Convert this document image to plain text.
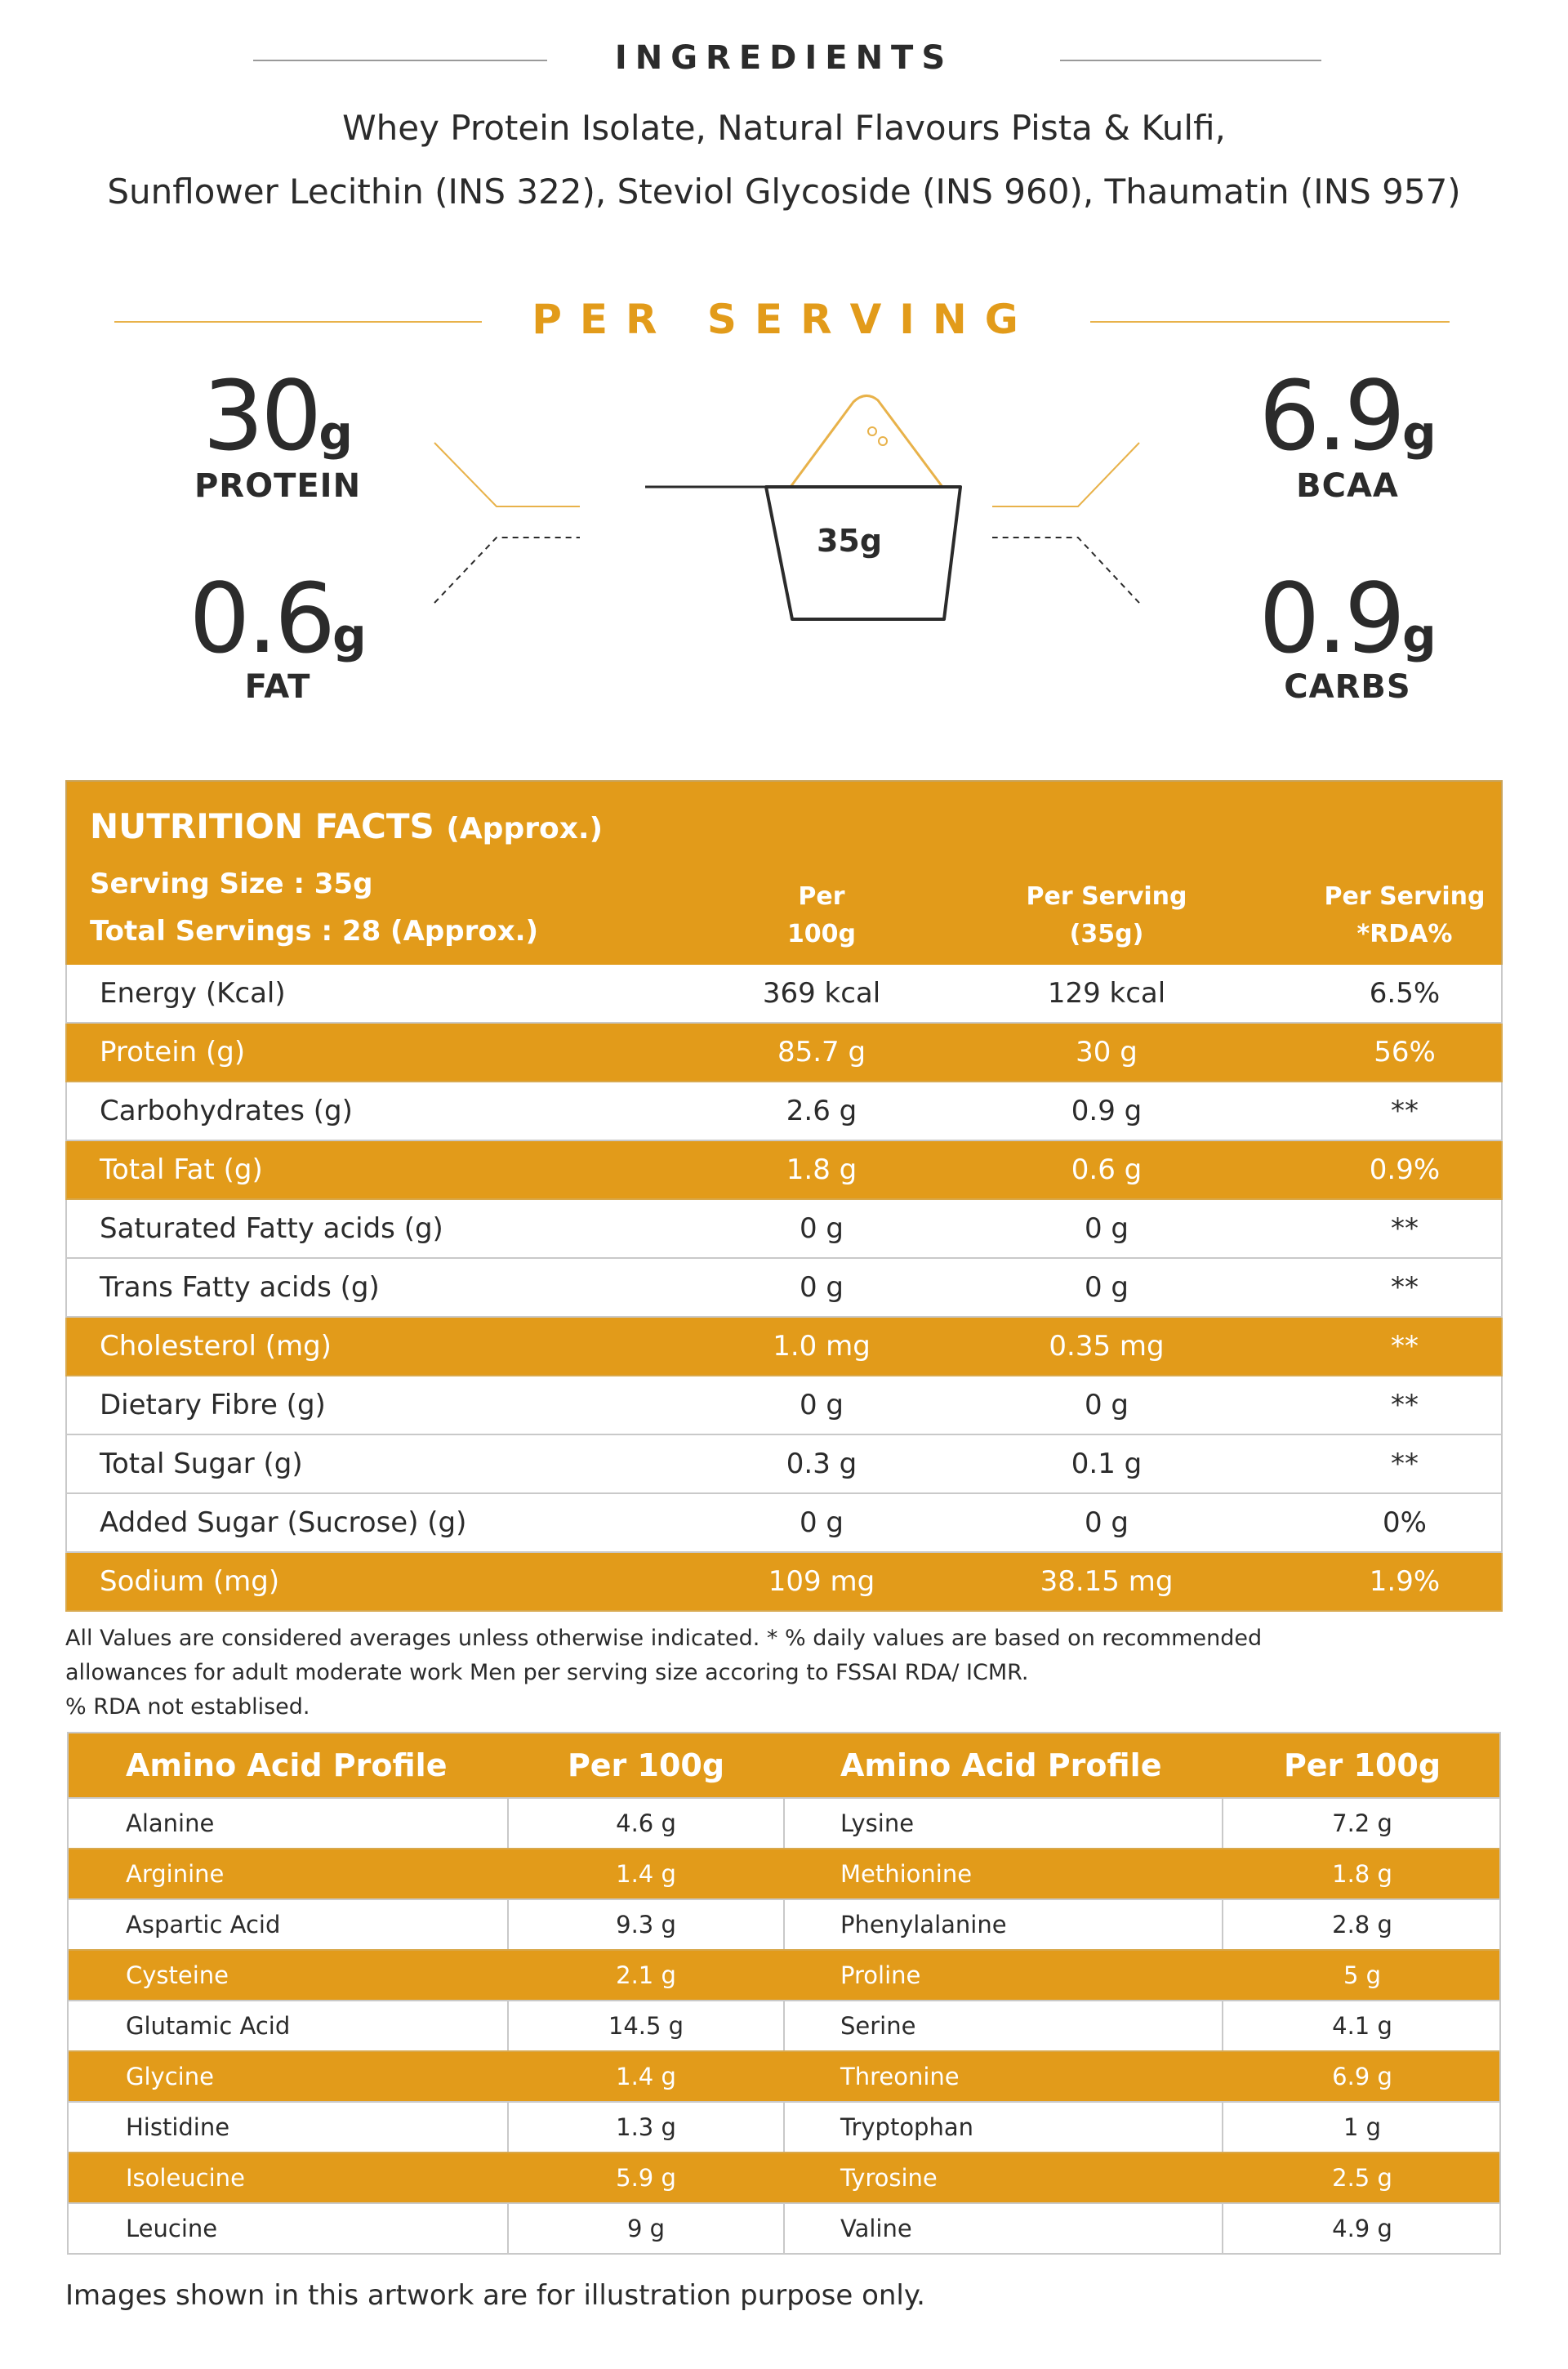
INGREDIENTS
Whey Protein Isolate, Natural Flavours Pista & Kulfi,
Sunflower Lecithin (INS 322), Steviol Glycoside (INS 960), Thaumatin (INS 957)
PER SERVING
30g
PROTEIN
0.6g
FAT
6.9g
BCAA
0.9g
CARBS
35g
NUTRITION FACTS (Approx.)
Serving Size : 35g
Total Servings : 28 (Approx.)
Per
100g
Per Serving
(35g)
Per Serving
*RDA%
Energy (Kcal)	369 kcal	129 kcal	6.5%
Protein (g)	85.7 g	30 g	56%
Carbohydrates (g)	2.6 g	0.9 g	**
Total Fat (g)	1.8 g	0.6 g	0.9%
Saturated Fatty acids (g)	0 g	0 g	**
Trans Fatty acids (g)	0 g	0 g	**
Cholesterol (mg)	1.0 mg	0.35 mg	**
Dietary Fibre (g)	0 g	0 g	**
Total Sugar (g)	0.3 g	0.1 g	**
Added Sugar (Sucrose) (g)	0 g	0 g	0%
Sodium (mg)	109 mg	38.15 mg	1.9%
All Values are considered averages unless otherwise indicated. * % daily values are based on recommended
allowances for adult moderate work Men per serving size accoring to FSSAI RDA/ ICMR.
% RDA not establised.
Amino Acid Profile	Per 100g	Amino Acid Profile	Per 100g
Alanine	4.6 g	Lysine	7.2 g
Arginine	1.4 g	Methionine	1.8 g
Aspartic Acid	9.3 g	Phenylalanine	2.8 g
Cysteine	2.1 g	Proline	5 g
Glutamic Acid	14.5 g	Serine	4.1 g
Glycine	1.4 g	Threonine	6.9 g
Histidine	1.3 g	Tryptophan	1 g
Isoleucine	5.9 g	Tyrosine	2.5 g
Leucine	9 g	Valine	4.9 g
Images shown in this artwork are for illustration purpose only.
